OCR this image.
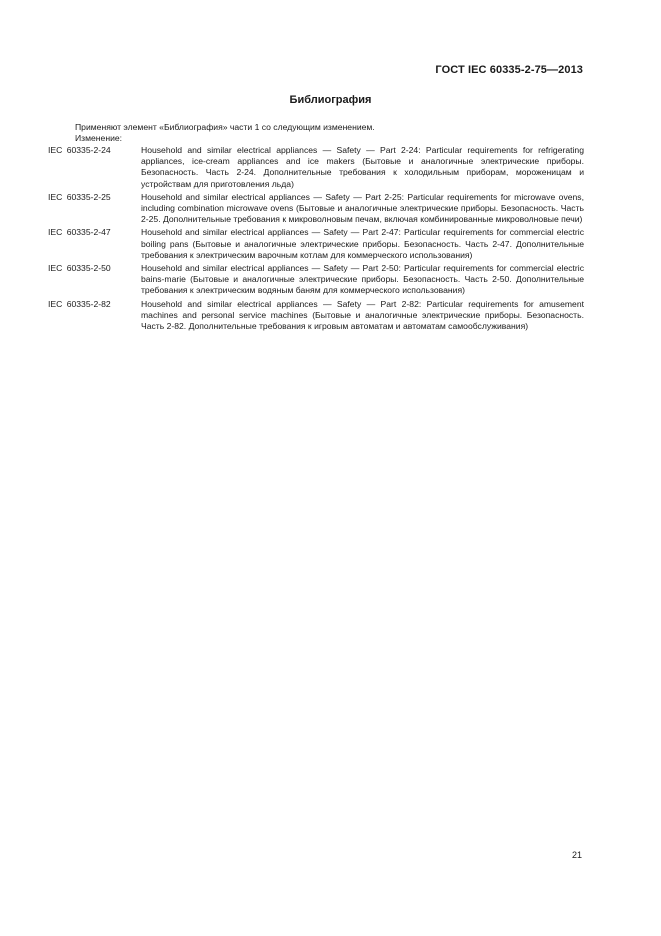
ГОСТ IEC 60335-2-75—2013
Библиография
Применяют элемент «Библиография» части 1 со следующим изменением.
Изменение:
IEC 60335-2-24	Household and similar electrical appliances — Safety — Part 2-24: Particular requirements for refrigerating appliances, ice-cream appliances and ice makers (Бытовые и аналогичные электрические приборы. Безопасность. Часть 2-24. Дополнительные требования к холодильным приборам, мороженицам и устройствам для приготовления льда)
IEC 60335-2-25	Household and similar electrical appliances — Safety — Part 2-25: Particular requirements for microwave ovens, including combination microwave ovens (Бытовые и аналогичные электрические приборы. Безопасность. Часть 2-25. Дополнительные требования к микроволновым печам, включая комбинированные микроволновые печи)
IEC 60335-2-47	Household and similar electrical appliances — Safety — Part 2-47: Particular requirements for commercial electric boiling pans (Бытовые и аналогичные электрические приборы. Безопасность. Часть 2-47. Дополнительные требования к электрическим варочным котлам для коммерческого использования)
IEC 60335-2-50	Household and similar electrical appliances — Safety — Part 2-50: Particular requirements for commercial electric bains-marie (Бытовые и аналогичные электрические приборы. Безопасность. Часть 2-50. Дополнительные требования к электрическим водяным баням для коммерческого использования)
IEC 60335-2-82	Household and similar electrical appliances — Safety — Part 2-82: Particular requirements for amusement machines and personal service machines (Бытовые и аналогичные электрические приборы. Безопасность. Часть 2-82. Дополнительные требования к игровым автоматам и автоматам самообслуживания)
21
